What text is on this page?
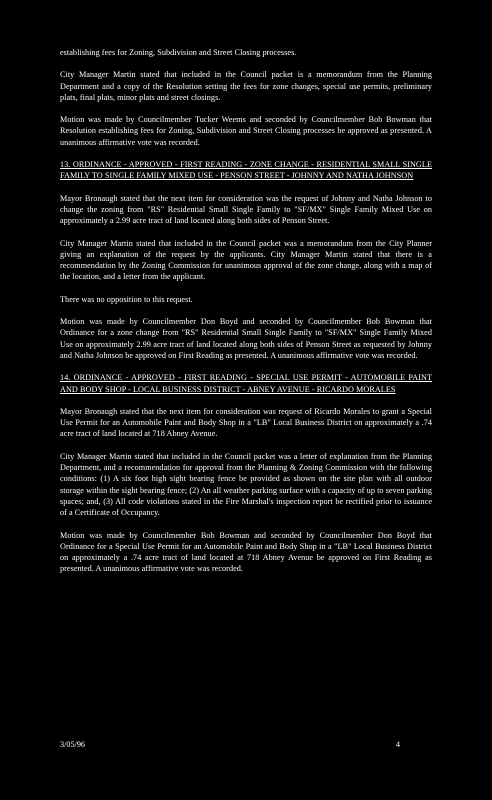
establishing fees for Zoning, Subdivision and Street Closing processes.

City Manager Martin stated that included in the Council packet is a memorandum from the Planning Department and a copy of the Resolution setting the fees for zone changes, special use permits, preliminary plats, final plats, minor plats and street closings.

Motion was made by Councilmember Tucker Weems and seconded by Councilmember Bob Bowman that Resolution establishing fees for Zoning, Subdivision and Street Closing processes be approved as presented. A unanimous affirmative vote was recorded.

13. ORDINANCE - APPROVED - FIRST READING - ZONE CHANGE - RESIDENTIAL SMALL SINGLE FAMILY TO SINGLE FAMILY MIXED USE - PENSON STREET - JOHNNY AND NATHA JOHNSON

Mayor Bronaugh stated that the next item for consideration was the request of Johnny and Natha Johnson to change the zoning from "RS" Residential Small Single Family to "SF/MX" Single Family Mixed Use on approximately a 2.99 acre tract of land located along both sides of Penson Street.

City Manager Martin stated that included in the Council packet was a memorandum from the City Planner giving an explanation of the request by the applicants. City Manager Martin stated that there is a recommendation by the Zoning Commission for unanimous approval of the zone change, along with a map of the location, and a letter from the applicant.

There was no opposition to this request.

Motion was made by Councilmember Don Boyd and seconded by Councilmember Bob Bowman that Ordinance for a zone change from "RS" Residential Small Single Family to "SF/MX" Single Family Mixed Use on approximately 2.99 acre tract of land located along both sides of Penson Street as requested by Johnny and Natha Johnson be approved on First Reading as presented. A unanimous affirmative vote was recorded.

14. ORDINANCE - APPROVED - FIRST READING - SPECIAL USE PERMIT - AUTOMOBILE PAINT AND BODY SHOP - LOCAL BUSINESS DISTRICT - ABNEY AVENUE - RICARDO MORALES

Mayor Bronaugh stated that the next item for consideration was request of Ricardo Morales to grant a Special Use Permit for an Automobile Paint and Body Shop in a "LB" Local Business District on approximately a .74 acre tract of land located at 718 Abney Avenue.

City Manager Martin stated that included in the Council packet was a letter of explanation from the Planning Department, and a recommendation for approval from the Planning & Zoning Commission with the following conditions: (1) A six foot high sight bearing fence be provided as shown on the site plan with all outdoor storage within the sight bearing fence; (2) An all weather parking surface with a capacity of up to seven parking spaces; and, (3) All code violations stated in the Fire Marshal's inspection report be rectified prior to issuance of a Certificate of Occupancy.

Motion was made by Councilmember Bob Bowman and seconded by Councilmember Don Boyd that Ordinance for a Special Use Permit for an Automobile Paint and Body Shop in a "LB" Local Business District on approximately a .74 acre tract of land located at 718 Abney Avenue be approved on First Reading as presented. A unanimous affirmative vote was recorded.

3/05/96	4
